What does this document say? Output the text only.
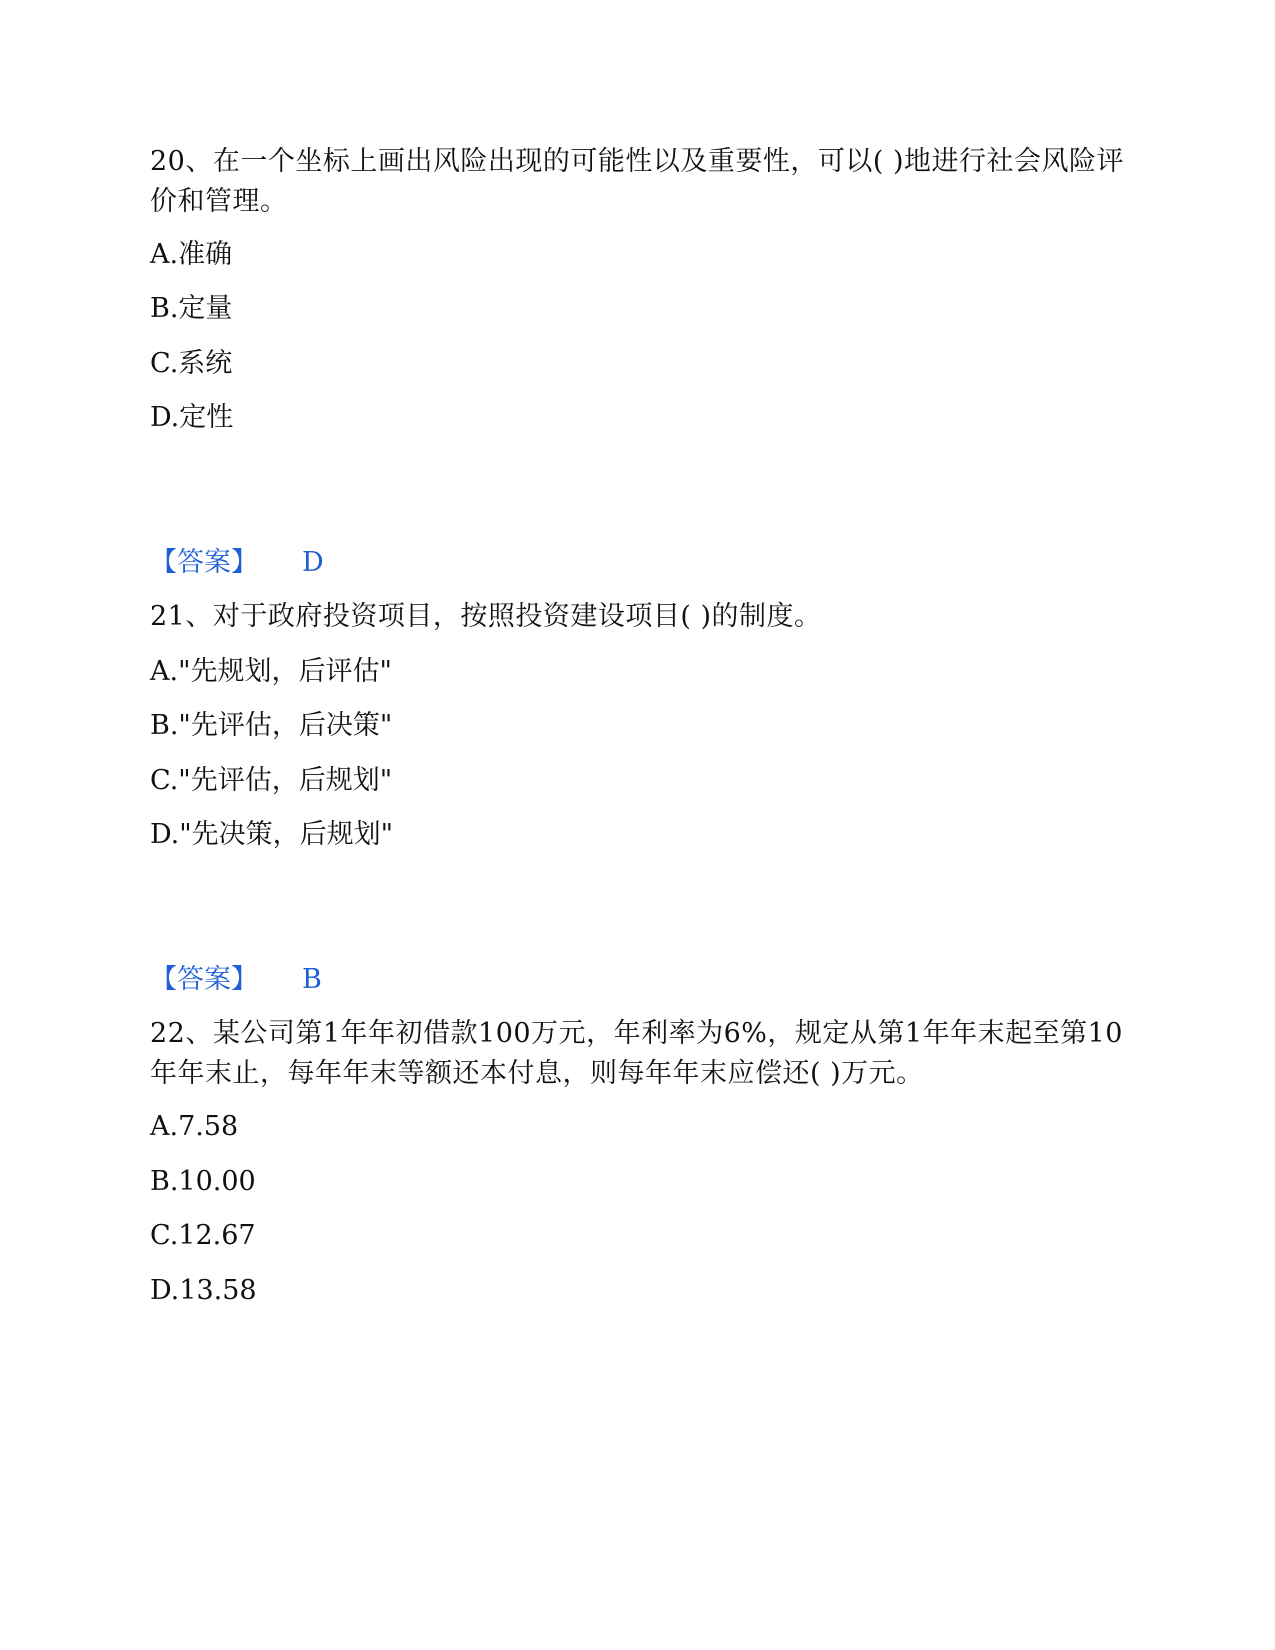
20、在一个坐标上画出风险出现的可能性以及重要性，可以( )地进行社会风险评价和管理。
A.准确
B.定量
C.系统
D.定性
【答案】 D
21、对于政府投资项目，按照投资建设项目( )的制度。
A."先规划，后评估"
B."先评估，后决策"
C."先评估，后规划"
D."先决策，后规划"
【答案】 B
22、某公司第1年年初借款100万元，年利率为6%，规定从第1年年末起至第10年年末止，每年年末等额还本付息，则每年年末应偿还( )万元。
A.7.58
B.10.00
C.12.67
D.13.58
